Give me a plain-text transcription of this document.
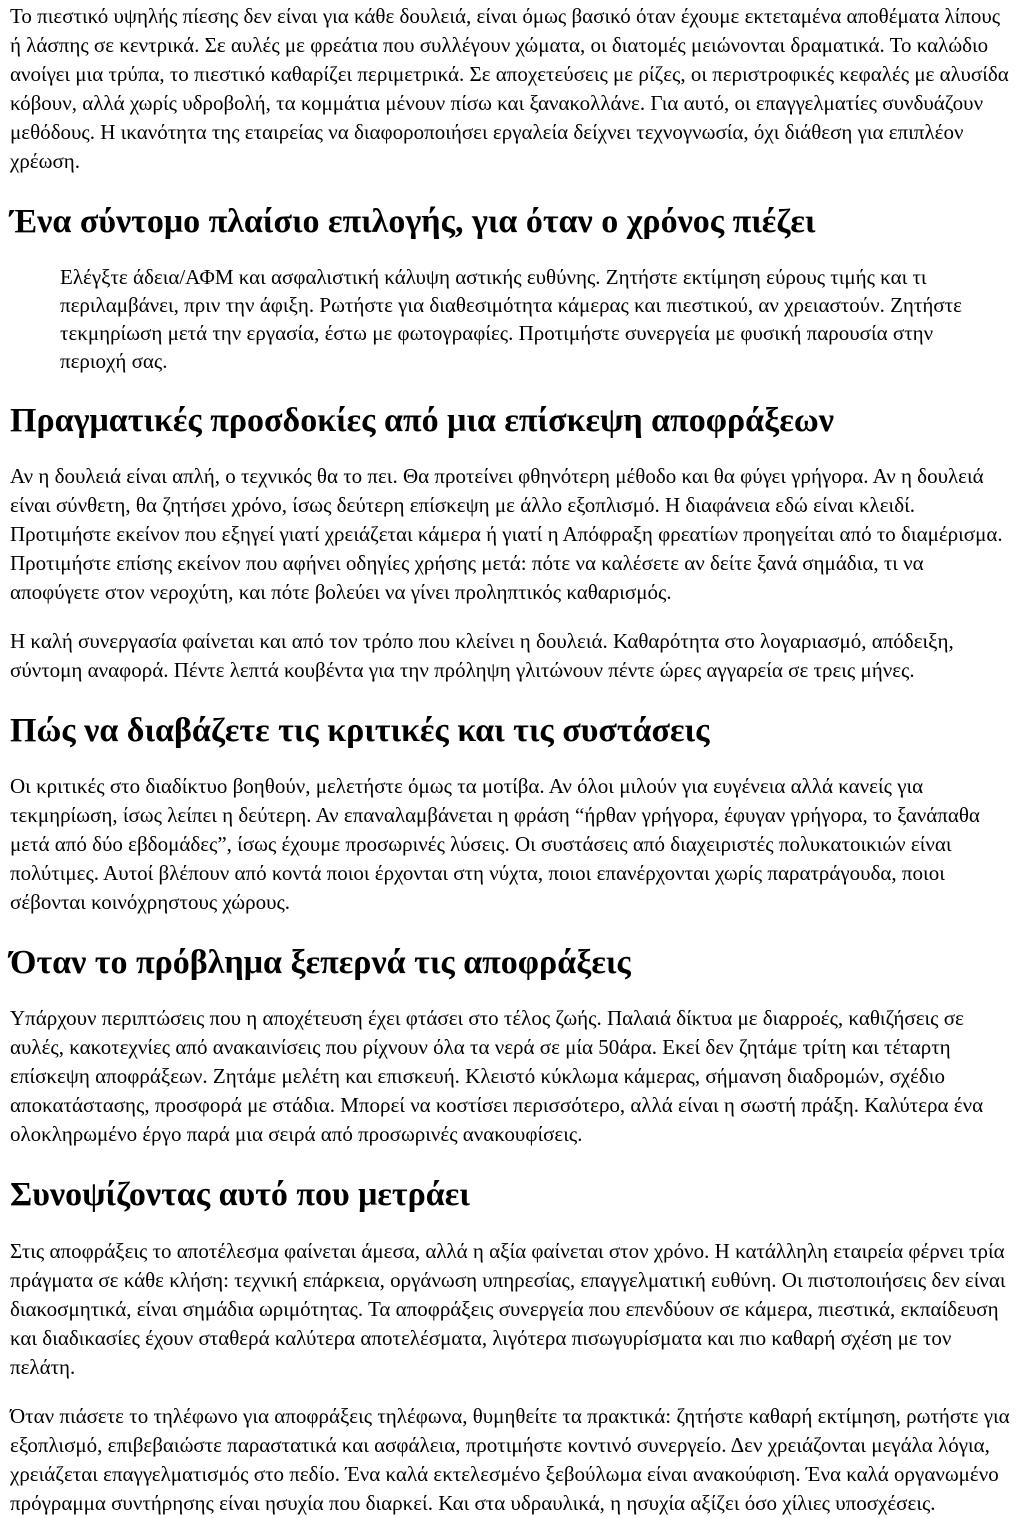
Το πιεστικό υψηλής πίεσης δεν είναι για κάθε δουλειά, είναι όμως βασικό όταν έχουμε εκτεταμένα αποθέματα λίπους ή λάσπης σε κεντρικά. Σε αυλές με φρεάτια που συλλέγουν χώματα, οι διατομές μειώνονται δραματικά. Το καλώδιο ανοίγει μια τρύπα, το πιεστικό καθαρίζει περιμετρικά. Σε αποχετεύσεις με ρίζες, οι περιστροφικές κεφαλές με αλυσίδα κόβουν, αλλά χωρίς υδροβολή, τα κομμάτια μένουν πίσω και ξανακολλάνε. Για αυτό, οι επαγγελματίες συνδυάζουν μεθόδους. Η ικανότητα της εταιρείας να διαφοροποιήσει εργαλεία δείχνει τεχνογνωσία, όχι διάθεση για επιπλέον χρέωση.

Ένα σύντομο πλαίσιο επιλογής, για όταν ο χρόνος πιέζει
Ελέγξτε άδεια/ΑΦΜ και ασφαλιστική κάλυψη αστικής ευθύνης. Ζητήστε εκτίμηση εύρους τιμής και τι περιλαμβάνει, πριν την άφιξη. Ρωτήστε για διαθεσιμότητα κάμερας και πιεστικού, αν χρειαστούν. Ζητήστε τεκμηρίωση μετά την εργασία, έστω με φωτογραφίες. Προτιμήστε συνεργεία με φυσική παρουσία στην περιοχή σας.
Πραγματικές προσδοκίες από μια επίσκεψη αποφράξεων

Αν η δουλειά είναι απλή, ο τεχνικός θα το πει. Θα προτείνει φθηνότερη μέθοδο και θα φύγει γρήγορα. Αν η δουλειά είναι σύνθετη, θα ζητήσει χρόνο, ίσως δεύτερη επίσκεψη με άλλο εξοπλισμό. Η διαφάνεια εδώ είναι κλειδί. Προτιμήστε εκείνον που εξηγεί γιατί χρειάζεται κάμερα ή γιατί η Απόφραξη φρεατίων προηγείται από το διαμέρισμα. Προτιμήστε επίσης εκείνον που αφήνει οδηγίες χρήσης μετά: πότε να καλέσετε αν δείτε ξανά σημάδια, τι να αποφύγετε στον νεροχύτη, και πότε βολεύει να γίνει προληπτικός καθαρισμός.

Η καλή συνεργασία φαίνεται και από τον τρόπο που κλείνει η δουλειά. Καθαρότητα στο λογαριασμό, απόδειξη, σύντομη αναφορά. Πέντε λεπτά κουβέντα για την πρόληψη γλιτώνουν πέντε ώρες αγγαρεία σε τρεις μήνες.

Πώς να διαβάζετε τις κριτικές και τις συστάσεις

Οι κριτικές στο διαδίκτυο βοηθούν, μελετήστε όμως τα μοτίβα. Αν όλοι μιλούν για ευγένεια αλλά κανείς για τεκμηρίωση, ίσως λείπει η δεύτερη. Αν επαναλαμβάνεται η φράση “ήρθαν γρήγορα, έφυγαν γρήγορα, το ξανάπαθα μετά από δύο εβδομάδες”, ίσως έχουμε προσωρινές λύσεις. Οι συστάσεις από διαχειριστές πολυκατοικιών είναι πολύτιμες. Αυτοί βλέπουν από κοντά ποιοι έρχονται στη νύχτα, ποιοι επανέρχονται χωρίς παρατράγουδα, ποιοι σέβονται κοινόχρηστους χώρους.

Όταν το πρόβλημα ξεπερνά τις αποφράξεις

Υπάρχουν περιπτώσεις που η αποχέτευση έχει φτάσει στο τέλος ζωής. Παλαιά δίκτυα με διαρροές, καθιζήσεις σε αυλές, κακοτεχνίες από ανακαινίσεις που ρίχνουν όλα τα νερά σε μία 50άρα. Εκεί δεν ζητάμε τρίτη και τέταρτη επίσκεψη αποφράξεων. Ζητάμε μελέτη και επισκευή. Κλειστό κύκλωμα κάμερας, σήμανση διαδρομών, σχέδιο αποκατάστασης, προσφορά με στάδια. Μπορεί να κοστίσει περισσότερο, αλλά είναι η σωστή πράξη. Καλύτερα ένα ολοκληρωμένο έργο παρά μια σειρά από προσωρινές ανακουφίσεις.

Συνοψίζοντας αυτό που μετράει

Στις αποφράξεις το αποτέλεσμα φαίνεται άμεσα, αλλά η αξία φαίνεται στον χρόνο. Η κατάλληλη εταιρεία φέρνει τρία πράγματα σε κάθε κλήση: τεχνική επάρκεια, οργάνωση υπηρεσίας, επαγγελματική ευθύνη. Οι πιστοποιήσεις δεν είναι διακοσμητικά, είναι σημάδια ωριμότητας. Τα αποφράξεις συνεργεία που επενδύουν σε κάμερα, πιεστικά, εκπαίδευση και διαδικασίες έχουν σταθερά καλύτερα αποτελέσματα, λιγότερα πισωγυρίσματα και πιο καθαρή σχέση με τον πελάτη.

Όταν πιάσετε το τηλέφωνο για αποφράξεις τηλέφωνα, θυμηθείτε τα πρακτικά: ζητήστε καθαρή εκτίμηση, ρωτήστε για εξοπλισμό, επιβεβαιώστε παραστατικά και ασφάλεια, προτιμήστε κοντινό συνεργείο. Δεν χρειάζονται μεγάλα λόγια, χρειάζεται επαγγελματισμός στο πεδίο. Ένα καλά εκτελεσμένο ξεβούλωμα είναι ανακούφιση. Ένα καλά οργανωμένο πρόγραμμα συντήρησης είναι ησυχία που διαρκεί. Και στα υδραυλικά, η ησυχία αξίζει όσο χίλιες υποσχέσεις.
